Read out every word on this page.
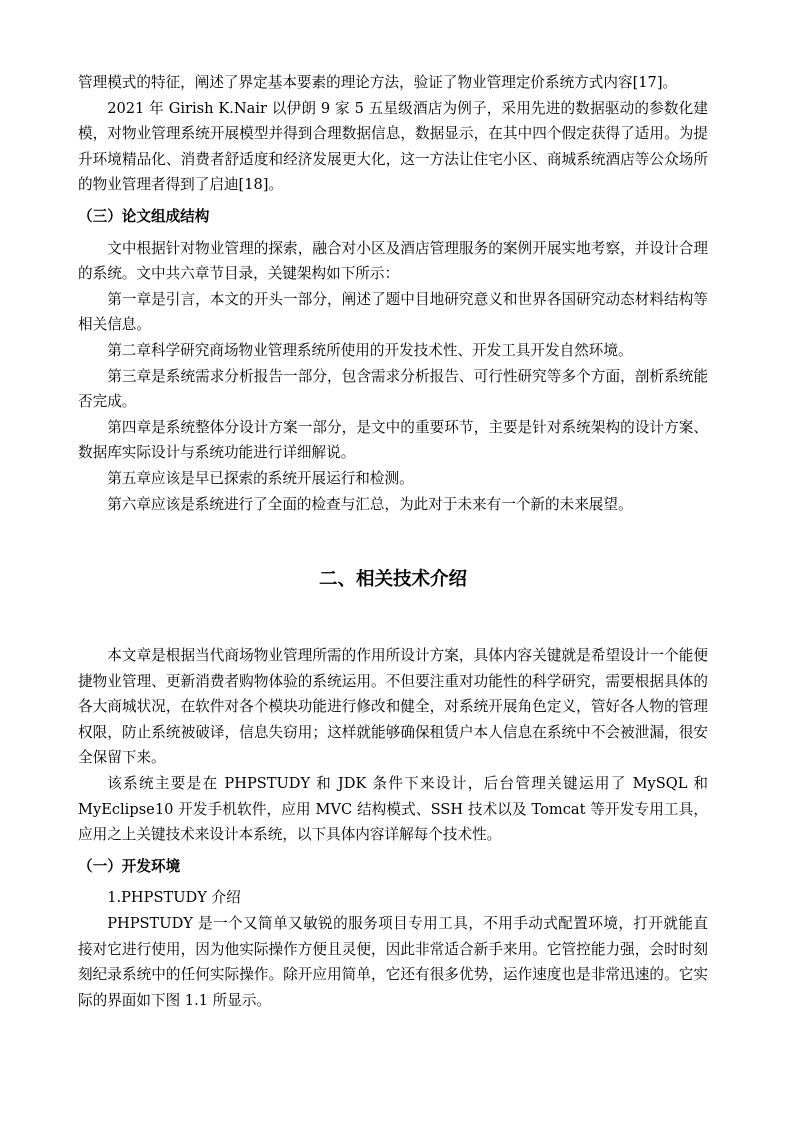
管理模式的特征，阐述了界定基本要素的理论方法，验证了物业管理定价系统方式内容[17]。

2021 年 Girish K.Nair 以伊朗 9 家 5 五星级酒店为例子，采用先进的数据驱动的参数化建模，对物业管理系统开展模型并得到合理数据信息，数据显示，在其中四个假定获得了适用。为提升环境精品化、消费者舒适度和经济发展更大化，这一方法让住宅小区、商城系统酒店等公众场所的物业管理者得到了启迪[18]。

（三）论文组成结构

文中根据针对物业管理的探索，融合对小区及酒店管理服务的案例开展实地考察，并设计合理的系统。文中共六章节目录，关键架构如下所示：

第一章是引言，本文的开头一部分，阐述了题中目地研究意义和世界各国研究动态材料结构等相关信息。

第二章科学研究商场物业管理系统所使用的开发技术性、开发工具开发自然环境。

第三章是系统需求分析报告一部分，包含需求分析报告、可行性研究等多个方面，剖析系统能否完成。

第四章是系统整体分设计方案一部分，是文中的重要环节，主要是针对系统架构的设计方案、数据库实际设计与系统功能进行详细解说。

第五章应该是早已探索的系统开展运行和检测。

第六章应该是系统进行了全面的检查与汇总，为此对于未来有一个新的未来展望。

二、相关技术介绍

本文章是根据当代商场物业管理所需的作用所设计方案，具体内容关键就是希望设计一个能便捷物业管理、更新消费者购物体验的系统运用。不但要注重对功能性的科学研究，需要根据具体的各大商城状况，在软件对各个模块功能进行修改和健全，对系统开展角色定义，管好各人物的管理权限，防止系统被破译，信息失窃用；这样就能够确保租赁户本人信息在系统中不会被泄漏，很安全保留下来。

该系统主要是在 PHPSTUDY 和 JDK 条件下来设计，后台管理关键运用了 MySQL 和 MyEclipse10 开发手机软件，应用 MVC 结构模式、SSH 技术以及 Tomcat 等开发专用工具，应用之上关键技术来设计本系统，以下具体内容详解每个技术性。

（一）开发环境

1.PHPSTUDY 介绍

PHPSTUDY 是一个又简单又敏锐的服务项目专用工具，不用手动式配置环境，打开就能直接对它进行使用，因为他实际操作方便且灵便，因此非常适合新手来用。它管控能力强，会时时刻刻纪录系统中的任何实际操作。除开应用简单，它还有很多优势，运作速度也是非常迅速的。它实际的界面如下图 1.1 所显示。
